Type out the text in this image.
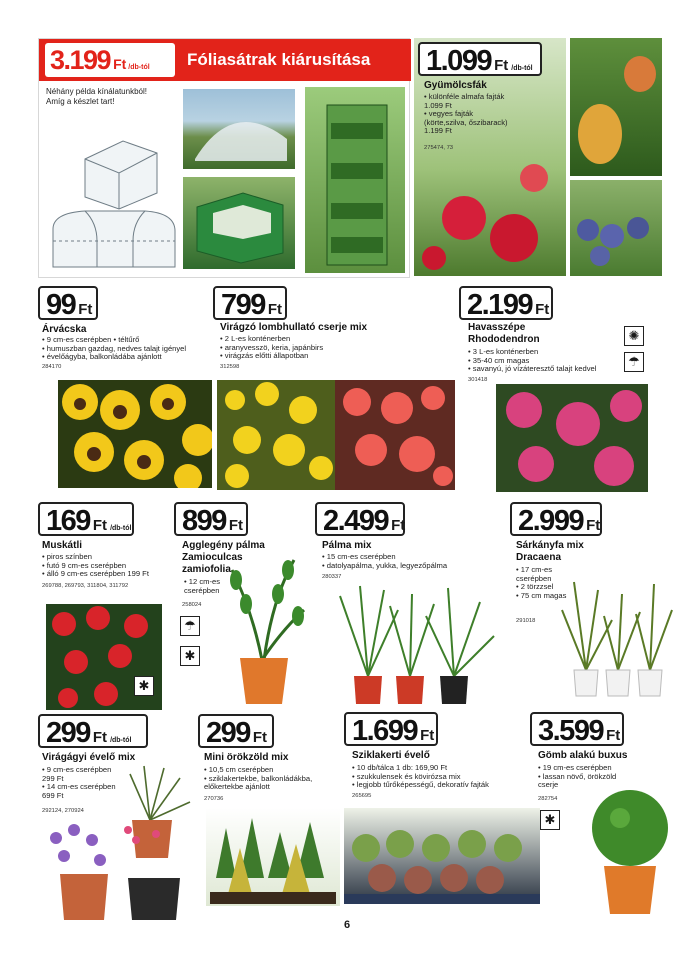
3.199 Ft /db-tól Fóliasátrak kiárusítása
Néhány példa kínálatunkból!
Amíg a készlet tart!
1.099 Ft /db-tól
Gyümölcsfák
• különféle almafa fajták 1.099 Ft
• vegyes fajták (körte,szilva, őszibarack) 1.199 Ft
275474, 73
99 Ft
Árvácska
• 9 cm-es cserépben • téltűrő
• humuszban gazdag, nedves talajt igényel
• évelőágyba, balkonládába ajánlott
284170
799 Ft
Virágzó lombhullató cserje mix
• 2 L-es konténerben
• aranyvesszö, keria, japánbirs
• virágzás előtti állapotban
312598
2.199 Ft
Havasszépe Rhododendron
• 3 L-es konténerben
• 35-40 cm magas
• savanyú, jó vízáteresztő talajt kedvel
301418
✺
☂
169 Ft /db-tól
Muskátli
• piros színben
• futó 9 cm-es cserépben
• álló 9 cm-es cserépben 199 Ft
269788, 269793, 311804, 311792
✱
899 Ft
Agglegény pálma Zamioculcas zamiofolia
• 12 cm-es cserépben
258024
☂
✱
2.499 Ft
Pálma mix
• 15 cm-es cserépben
• datolyapálma, yukka, legyezőpálma
280337
2.999 Ft
Sárkányfa mix Dracaena
• 17 cm-es cserépben
• 2 törzzsel
• 75 cm magas
291018
299 Ft /db-tól
Virágágyi évelő mix
• 9 cm-es cserépben 299 Ft
• 14 cm-es cserépben 699 Ft
292124, 270924
299 Ft
Mini örökzöld mix
• 10,5 cm cserépben
• sziklakertekbe, balkonládákba, előkertekbe ajánlott
270736
1.699 Ft
Sziklakerti évelő
• 10 db/tálca 1 db: 169,90 Ft
• szukkulensek és kövirózsa mix
• legjobb tűrőképességű, dekoratív fajták
265695
3.599 Ft
Gömb alakú buxus
• 19 cm-es cserépben
• lassan növő, örökzöld cserje
282754
✱
6
